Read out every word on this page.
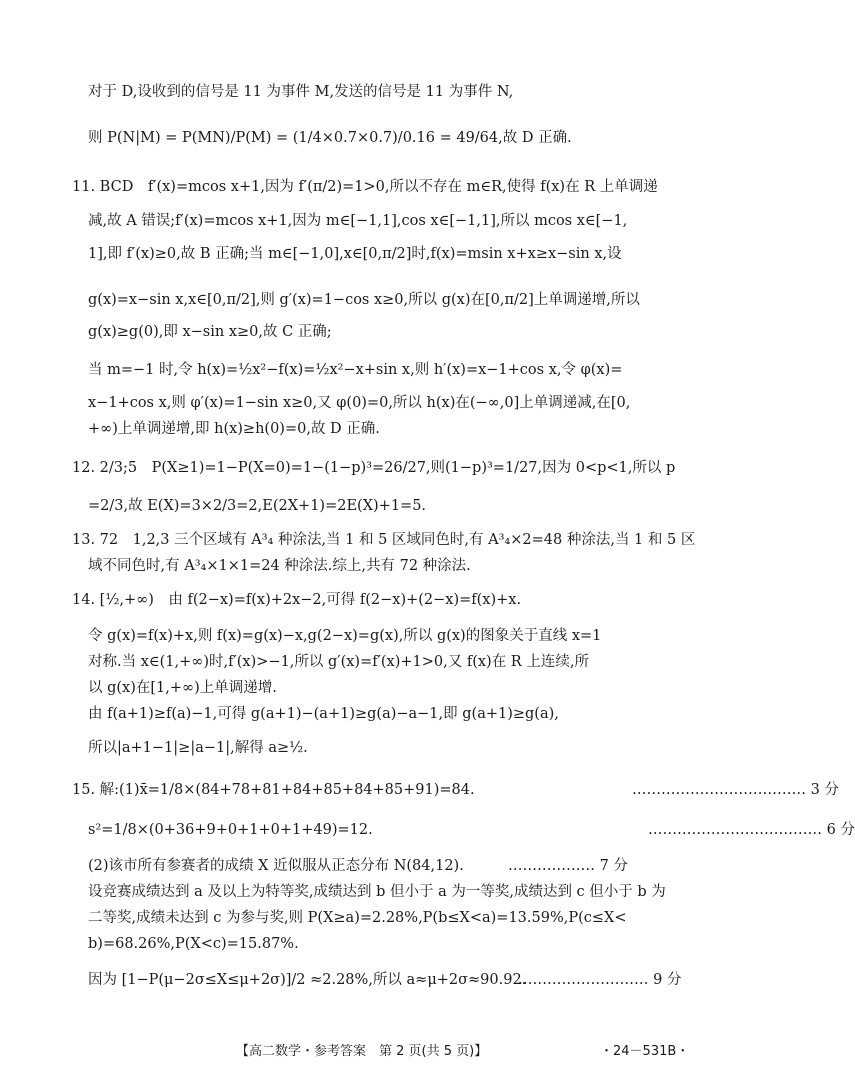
对于 D,设收到的信号是 11 为事件 M,发送的信号是 11 为事件 N,
则 P(N|M) = P(MN)/P(M) = (1/4×0.7×0.7)/0.16 = 49/64,故 D 正确.
11. BCD　f′(x)=mcos x+1,因为 f′(π/2)=1>0,所以不存在 m∈R,使得 f(x)在 R 上单调递
减,故 A 错误;f′(x)=mcos x+1,因为 m∈[−1,1],cos x∈[−1,1],所以 mcos x∈[−1,
1],即 f′(x)≥0,故 B 正确;当 m∈[−1,0],x∈[0,π/2]时,f(x)=msin x+x≥x−sin x,设
g(x)=x−sin x,x∈[0,π/2],则 g′(x)=1−cos x≥0,所以 g(x)在[0,π/2]上单调递增,所以
g(x)≥g(0),即 x−sin x≥0,故 C 正确;
当 m=−1 时,令 h(x)=½x²−f(x)=½x²−x+sin x,则 h′(x)=x−1+cos x,令 φ(x)=
x−1+cos x,则 φ′(x)=1−sin x≥0,又 φ(0)=0,所以 h(x)在(−∞,0]上单调递减,在[0,
+∞)上单调递增,即 h(x)≥h(0)=0,故 D 正确.
12. 2/3;5　P(X≥1)=1−P(X=0)=1−(1−p)³=26/27,则(1−p)³=1/27,因为 0<p<1,所以 p
=2/3,故 E(X)=3×2/3=2,E(2X+1)=2E(X)+1=5.
13. 72　1,2,3 三个区域有 A³₄ 种涂法,当 1 和 5 区域同色时,有 A³₄×2=48 种涂法,当 1 和 5 区
域不同色时,有 A³₄×1×1=24 种涂法.综上,共有 72 种涂法.
14. [½,+∞)　由 f(2−x)=f(x)+2x−2,可得 f(2−x)+(2−x)=f(x)+x.
令 g(x)=f(x)+x,则 f(x)=g(x)−x,g(2−x)=g(x),所以 g(x)的图象关于直线 x=1
对称.当 x∈(1,+∞)时,f′(x)>−1,所以 g′(x)=f′(x)+1>0,又 f(x)在 R 上连续,所
以 g(x)在[1,+∞)上单调递增.
由 f(a+1)≥f(a)−1,可得 g(a+1)−(a+1)≥g(a)−a−1,即 g(a+1)≥g(a),
所以|a+1−1|≥|a−1|,解得 a≥½.
15. 解:(1)x̄=1/8×(84+78+81+84+85+84+85+91)=84.	……………………………… 3 分
s²=1/8×(0+36+9+0+1+0+1+49)=12.	……………………………… 6 分
(2)该市所有参赛者的成绩 X 近似服从正态分布 N(84,12).	……………… 7 分
设竞赛成绩达到 a 及以上为特等奖,成绩达到 b 但小于 a 为一等奖,成绩达到 c 但小于 b 为
二等奖,成绩未达到 c 为参与奖,则 P(X≥a)=2.28%,P(b≤X<a)=13.59%,P(c≤X<
b)=68.26%,P(X<c)=15.87%.
因为 [1−P(μ−2σ≤X≤μ+2σ)]/2 ≈2.28%,所以 a≈μ+2σ≈90.92.
……………………… 9 分
【高二数学・参考答案　第 2 页(共 5 页)】	・24－531B・
